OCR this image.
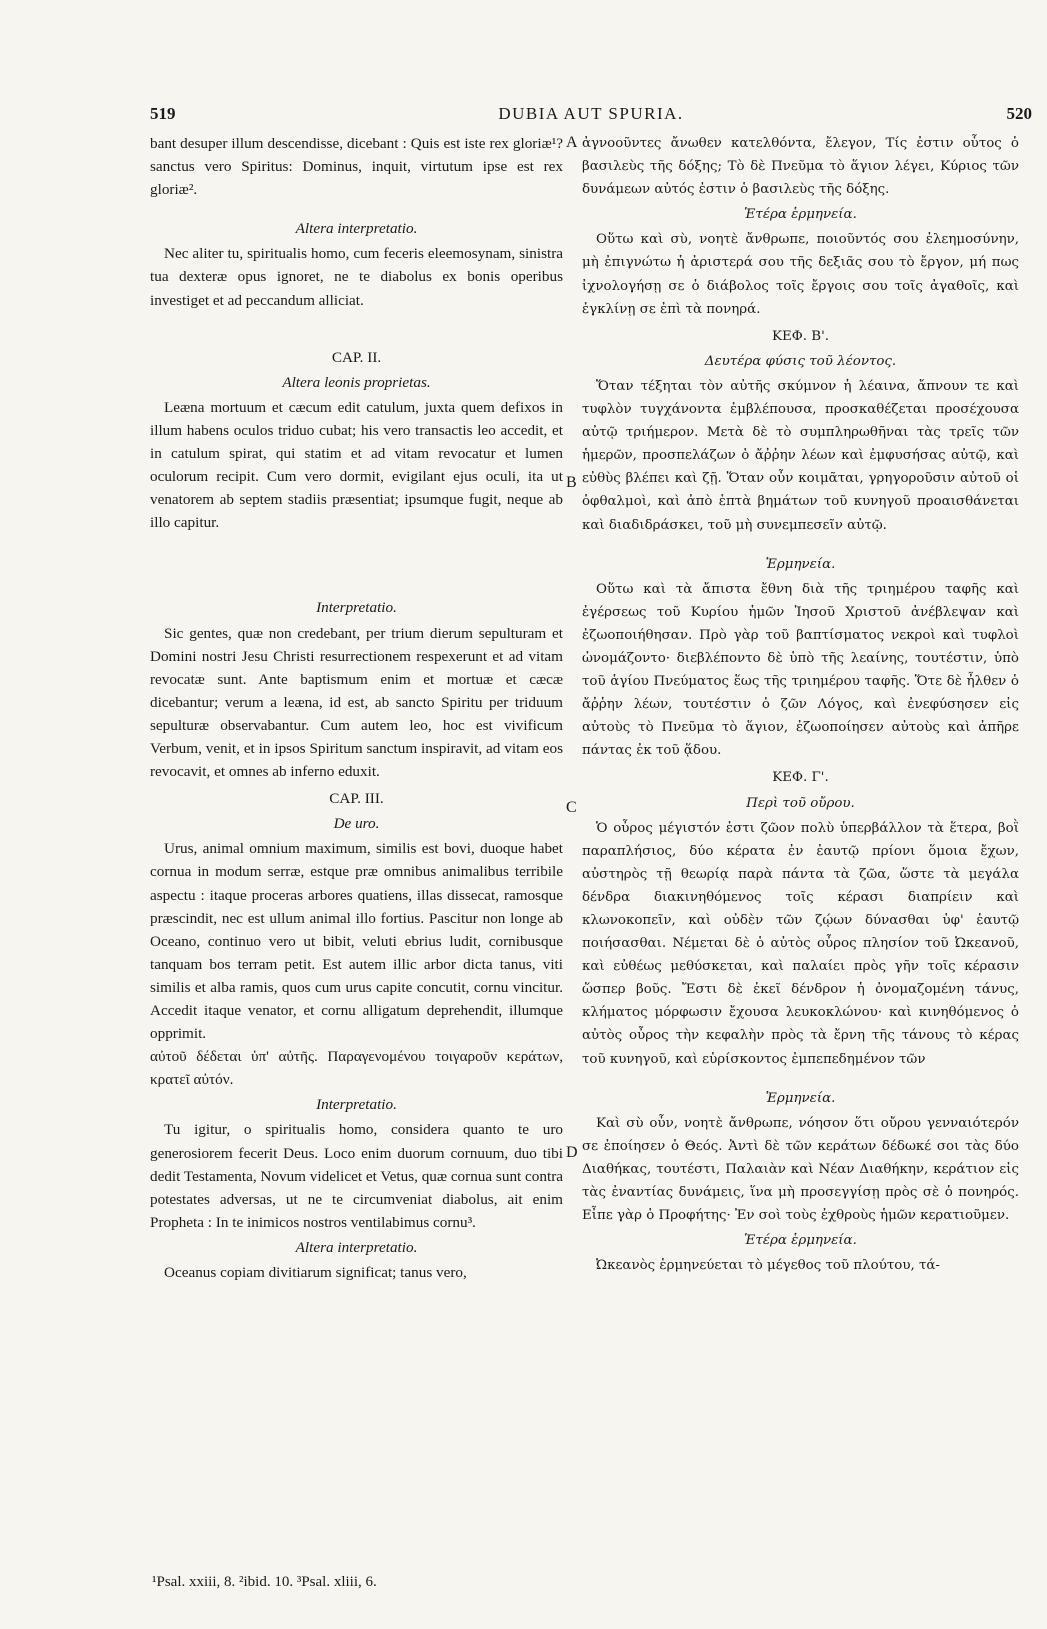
519	DUBIA AUT SPURIA.	520

bant desuper illum descendisse, dicebant : Quis est iste rex gloriæ¹? sanctus vero Spiritus: Dominus, inquit, virtutum ipse est rex gloriæ².

Altera interpretatio.

Nec aliter tu, spiritualis homo, cum feceris eleemosynam, sinistra tua dexteræ opus ignoret, ne te diabolus ex bonis operibus investiget et ad peccandum alliciat.

CAP. II.
Altera leonis proprietas.

Leæna mortuum et cæcum edit catulum, juxta quem defixos in illum habens oculos triduo cubat; his vero transactis leo accedit, et in catulum spirat, qui statim et ad vitam revocatur et lumen oculorum recipit. Cum vero dormit, evigilant ejus oculi, ita ut venatorem ab septem stadiis præsentiat; ipsumque fugit, neque ab illo capitur.

Interpretatio.

Sic gentes, quæ non credebant, per trium dierum sepulturam et Domini nostri Jesu Christi resurrectionem respexerunt et ad vitam revocatæ sunt. Ante baptismum enim et mortuæ et cæcæ dicebantur; verum a leæna, id est, ab sancto Spiritu per triduum sepulturæ observabantur. Cum autem leo, hoc est vivificum Verbum, venit, et in ipsos Spiritum sanctum inspiravit, ad vitam eos revocavit, et omnes ab inferno eduxit.

CAP. III.
De uro.

Urus, animal omnium maximum, similis est bovi, duoque habet cornua in modum serræ, estque præ omnibus animalibus terribile aspectu : itaque proceras arbores quatiens, illas dissecat, ramosque præscindit, nec est ullum animal illo fortius. Pascitur non longe ab Oceano, continuo vero ut bibit, veluti ebrius ludit, cornibusque tanquam bos terram petit. Est autem illic arbor dicta tanus, viti similis et alba ramis, quos cum urus capite concutit, cornu vincitur. Accedit itaque venator, et cornu alligatum deprehendit, illumque opprimit.

αὐτοῦ δέδεται ὑπ' αὐτῆς. Παραγενομένου τοιγαροῦν κεράτων, κρατεῖ αὐτόν.

Interpretatio.

Tu igitur, o spiritualis homo, considera quanto te uro generosiorem fecerit Deus. Loco enim duorum cornuum, duo tibi dedit Testamenta, Novum videlicet et Vetus, quæ cornua sunt contra potestates adversas, ut ne te circumveniat diabolus, ait enim Propheta : In te inimicos nostros ventilabimus cornu³.

Altera interpretatio.

Oceanus copiam divitiarum significat; tanus vero,

ἀγνοοῦντες ἄνωθεν κατελθόντα, ἔλεγον, Τίς ἐστιν οὗτος ὁ βασιλεὺς τῆς δόξης; Τὸ δὲ Πνεῦμα τὸ ἅγιον λέγει, Κύριος τῶν δυνάμεων αὐτός ἐστιν ὁ βασιλεὺς τῆς δόξης.

Ἑτέρα ἑρμηνεία.

Οὕτω καὶ σὺ, νοητὲ ἄνθρωπε, ποιοῦντός σου ἐλεημοσύνην, μὴ ἐπιγνώτω ἡ ἀριστερά σου τῆς δεξιᾶς σου τὸ ἔργον, μή πως ἰχνολογήσῃ σε ὁ διάβολος τοῖς ἔργοις σου τοῖς ἀγαθοῖς, καὶ ἐγκλίνῃ σε ἐπὶ τὰ πονηρά.

ΚΕΦ. Β'.
Δευτέρα φύσις τοῦ λέοντος.

Ὅταν τέξηται τὸν αὐτῆς σκύμνον ἡ λέαινα, ἄπνουν τε καὶ τυφλὸν τυγχάνοντα ἐμβλέπουσα, προσκαθέζεται προσέχουσα αὐτῷ τριήμερον. Μετὰ δὲ τὸ συμπληρωθῆναι τὰς τρεῖς τῶν ἡμερῶν, προσπελάζων ὁ ἄῤῥην λέων καὶ ἐμφυσήσας αὐτῷ, καὶ εὐθὺς βλέπει καὶ ζῇ. Ὅταν οὖν κοιμᾶται, γρηγοροῦσιν αὐτοῦ οἱ ὀφθαλμοὶ, καὶ ἀπὸ ἑπτὰ βημάτων τοῦ κυνηγοῦ προαισθάνεται καὶ διαδιδράσκει, τοῦ μὴ συνεμπεσεῖν αὐτῷ.

Ἑρμηνεία.

Οὕτω καὶ τὰ ἄπιστα ἔθνη διὰ τῆς τριημέρου ταφῆς καὶ ἐγέρσεως τοῦ Κυρίου ἡμῶν Ἰησοῦ Χριστοῦ ἀνέβλεψαν καὶ ἐζωοποιήθησαν. Πρὸ γὰρ τοῦ βαπτίσματος νεκροὶ καὶ τυφλοὶ ὠνομάζοντο· διεβλέποντο δὲ ὑπὸ τῆς λεαίνης, τουτέστιν, ὑπὸ τοῦ ἁγίου Πνεύματος ἕως τῆς τριημέρου ταφῆς. Ὅτε δὲ ἦλθεν ὁ ἄῤῥην λέων, τουτέστιν ὁ ζῶν Λόγος, καὶ ἐνεφύσησεν εἰς αὐτοὺς τὸ Πνεῦμα τὸ ἅγιον, ἐζωοποίησεν αὐτοὺς καὶ ἀπῆρε πάντας ἐκ τοῦ ᾅδου.

ΚΕΦ. Γ'.
Περὶ τοῦ οὔρου.

Ὁ οὖρος μέγιστόν ἐστι ζῶον πολὺ ὑπερβάλλον τὰ ἕτερα, βοῒ παραπλήσιος, δύο κέρατα ἐν ἑαυτῷ πρίονι ὅμοια ἔχων, αὐστηρὸς τῇ θεωρίᾳ παρὰ πάντα τὰ ζῶα, ὥστε τὰ μεγάλα δένδρα διακινηθόμενος τοῖς κέρασι διαπρίειν καὶ κλωνοκοπεῖν, καὶ οὐδὲν τῶν ζῴων δύνασθαι ὑφ' ἑαυτῷ ποιήσασθαι. Νέμεται δὲ ὁ αὐτὸς οὖρος πλησίον τοῦ Ὠκεανοῦ, καὶ εὐθέως μεθύσκεται, καὶ παλαίει πρὸς γῆν τοῖς κέρασιν ὥσπερ βοῦς. Ἔστι δὲ ἐκεῖ δένδρον ἡ ὀνομαζομένη τάνυς, κλήματος μόρφωσιν ἔχουσα λευκοκλώνου· καὶ κινηθόμενος ὁ αὐτὸς οὖρος τὴν κεφαλὴν πρὸς τὰ ἔρνη τῆς τάνους τὸ κέρας τοῦ κυνηγοῦ, καὶ εὑρίσκοντος ἐμπεπεδημένον τῶν

Ἑρμηνεία.

Καὶ σὺ οὖν, νοητὲ ἄνθρωπε, νόησον ὅτι οὔρου γενναιότερόν σε ἐποίησεν ὁ Θεός. Ἀντὶ δὲ τῶν κεράτων δέδωκέ σοι τὰς δύο Διαθήκας, τουτέστι, Παλαιὰν καὶ Νέαν Διαθήκην, κεράτιον εἰς τὰς ἐναντίας δυνάμεις, ἵνα μὴ προσεγγίσῃ πρὸς σὲ ὁ πονηρός. Εἶπε γὰρ ὁ Προφήτης· Ἐν σοὶ τοὺς ἐχθροὺς ἡμῶν κερατιοῦμεν.

Ἑτέρα ἑρμηνεία.

Ὠκεανὸς ἑρμηνεύεται τὸ μέγεθος τοῦ πλούτου, τά-

A
B
C
D
¹Psal. xxiii, 8. ²ibid. 10. ³Psal. xliii, 6.
